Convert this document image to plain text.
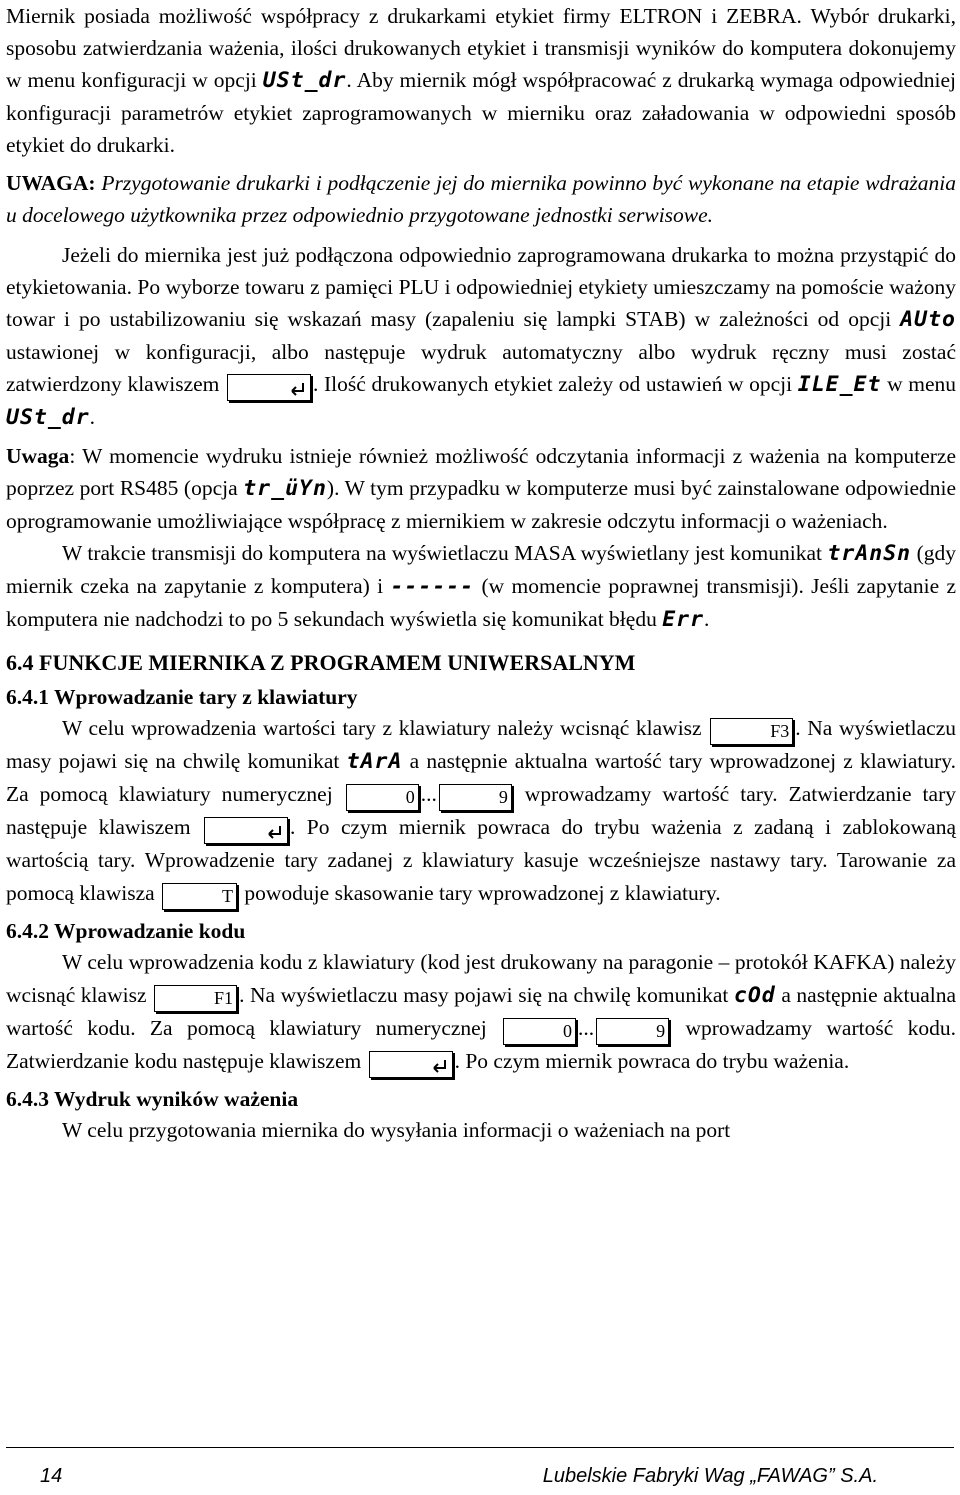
Miernik posiada możliwość współpracy z drukarkami etykiet firmy ELTRON i ZEBRA. Wybór drukarki, sposobu zatwierdzania ważenia, ilości drukowanych etykiet i transmisji wyników do komputera dokonujemy w menu konfiguracji w opcji USt_dr. Aby miernik mógł współpracować z drukarką wymaga odpowiedniej konfiguracji parametrów etykiet zaprogramowanych w mierniku oraz załadowania w odpowiedni sposób etykiet do drukarki.

UWAGA: Przygotowanie drukarki i podłączenie jej do miernika powinno być wykonane na etapie wdrażania u docelowego użytkownika przez odpowiednio przygotowane jednostki serwisowe.

Jeżeli do miernika jest już podłączona odpowiednio zaprogramowana drukarka to można przystąpić do etykietowania. Po wyborze towaru z pamięci PLU i odpowiedniej etykiety umieszczamy na pomoście ważony towar i po ustabilizowaniu się wskazań masy (zapaleniu się lampki STAB) w zależności od opcji AUto ustawionej w konfiguracji, albo następuje wydruk automatyczny albo wydruk ręczny musi zostać zatwierdzony klawiszem	. Ilość drukowanych etykiet zależy od ustawień w opcji ILE_Et w menu USt_dr.

Uwaga: W momencie wydruku istnieje również możliwość odczytania informacji z ważenia na komputerze poprzez port RS485 (opcja tr_üYn). W tym przypadku w komputerze musi być zainstalowane odpowiednie oprogramowanie umożliwiające współpracę z miernikiem w zakresie odczytu informacji o ważeniach.

W trakcie transmisji do komputera na wyświetlaczu MASA wyświetlany jest komunikat trAnSn (gdy miernik czeka na zapytanie z komputera) i ------ (w momencie poprawnej transmisji). Jeśli zapytanie z komputera nie nadchodzi to po 5 sekundach wyświetla się komunikat błędu Err.

6.4 FUNKCJE MIERNIKA Z PROGRAMEM UNIWERSALNYM
6.4.1 Wprowadzanie tary z klawiatury

W celu wprowadzenia wartości tary z klawiatury należy wcisnąć klawisz	F3 . Na wyświetlaczu masy pojawi się na chwilę komunikat tArA a następnie aktualna wartość tary wprowadzonej z klawiatury. Za pomocą klawiatury numerycznej	0 ...	9 wprowadzamy wartość tary. Zatwierdzanie tary następuje klawiszem	. Po czym miernik powraca do trybu ważenia z zadaną i zablokowaną wartością tary. Wprowadzenie tary zadanej z klawiatury kasuje wcześniejsze nastawy tary. Tarowanie za pomocą klawisza	T powoduje skasowanie tary wprowadzonej z klawiatury.

6.4.2 Wprowadzanie kodu

W celu wprowadzenia kodu z klawiatury (kod jest drukowany na paragonie – protokół KAFKA) należy wcisnąć klawisz	F1 . Na wyświetlaczu masy pojawi się na chwilę komunikat cOd a następnie aktualna wartość kodu. Za pomocą klawiatury numerycznej	0 ...	9 wprowadzamy wartość kodu. Zatwierdzanie kodu następuje klawiszem	. Po czym miernik powraca do trybu ważenia.

6.4.3 Wydruk wyników ważenia

W celu przygotowania miernika do wysyłania informacji o ważeniach na port

14	Lubelskie Fabryki Wag „FAWAG” S.A.
